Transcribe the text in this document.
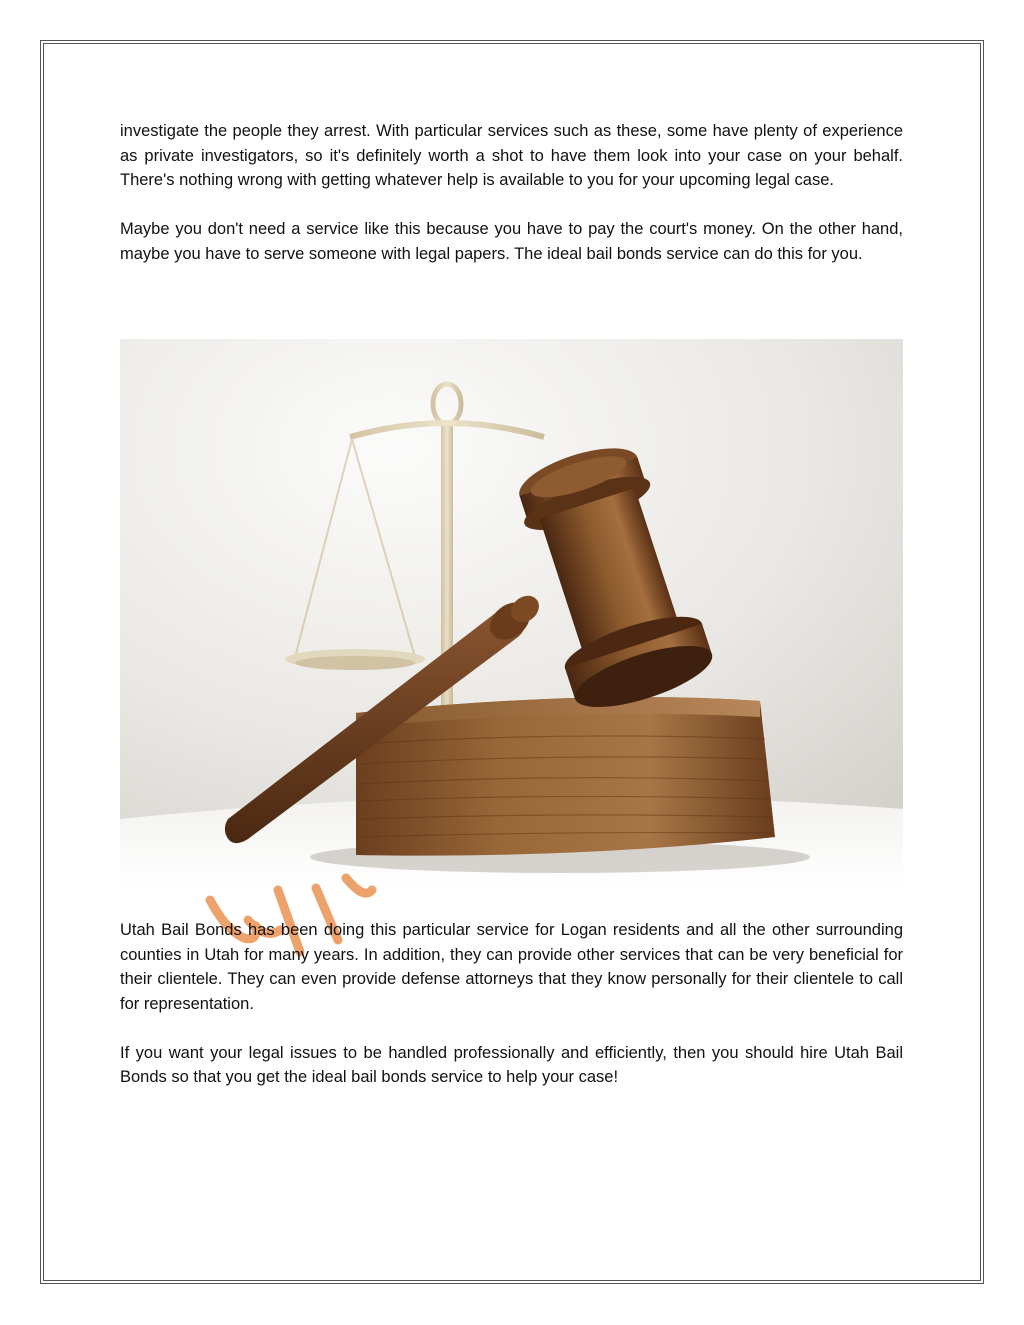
investigate the people they arrest. With particular services such as these, some have plenty of experience as private investigators, so it's definitely worth a shot to have them look into your case on your behalf. There's nothing wrong with getting whatever help is available to you for your upcoming legal case.

Maybe you don't need a service like this because you have to pay the court's money. On the other hand, maybe you have to serve someone with legal papers. The ideal bail bonds service can do this for you.

Utah Bail Bonds has been doing this particular service for Logan residents and all the other surrounding counties in Utah for many years. In addition, they can provide other services that can be very beneficial for their clientele. They can even provide defense attorneys that they know personally for their clientele to call for representation.

If you want your legal issues to be handled professionally and efficiently, then you should hire Utah Bail Bonds so that you get the ideal bail bonds service to help your case!
